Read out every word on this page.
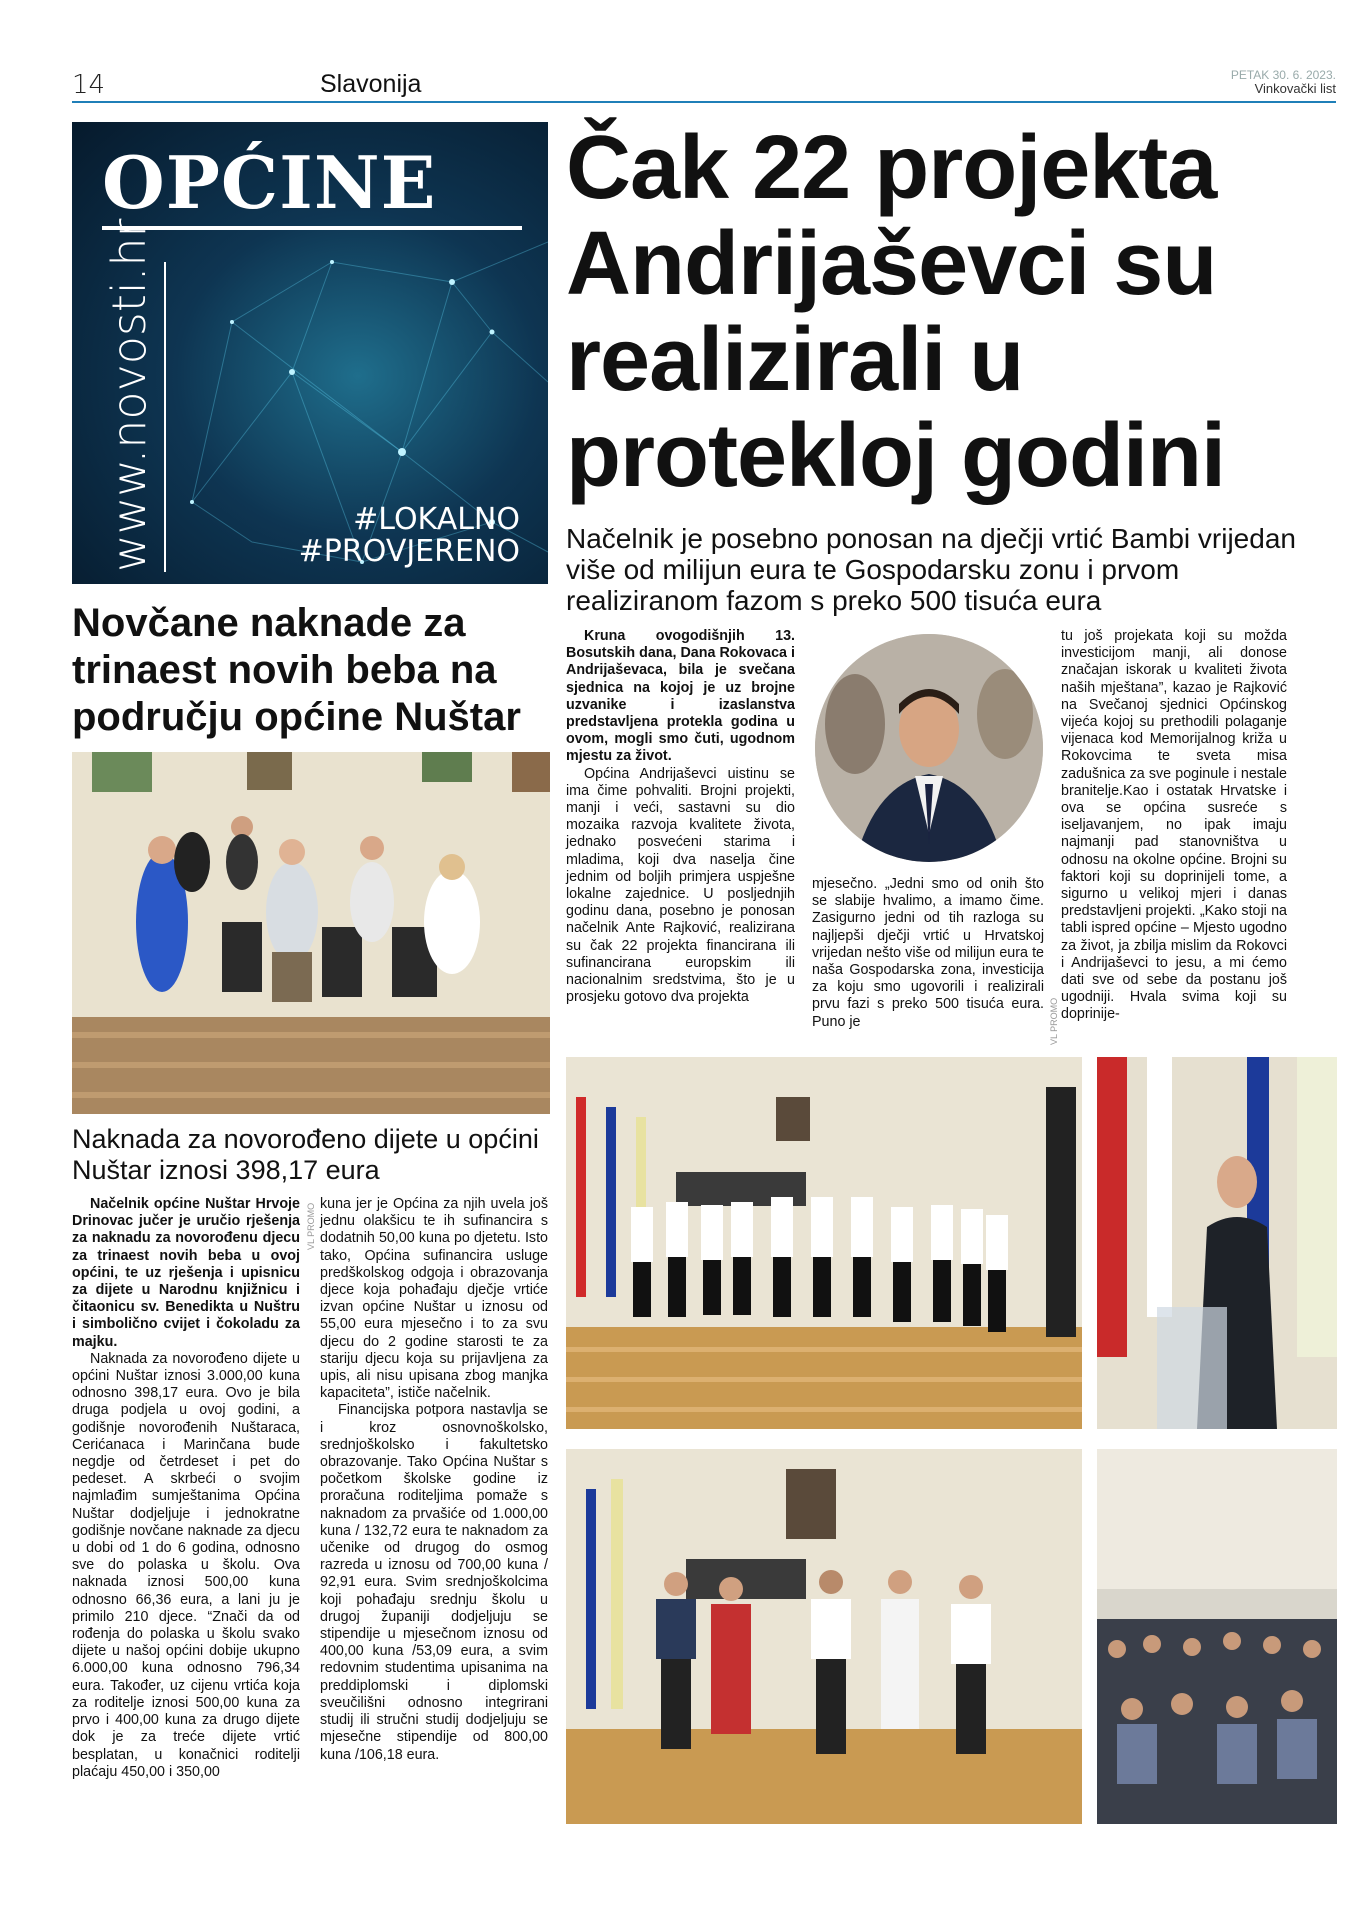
14	Slavonija	PETAK 30. 6. 2023.
Vinkovački list
OPĆINE
www.novosti.hr	#LOKALNO
#PROVJERENO
Novčane naknade za trinaest novih beba na području općine Nuštar
Naknada za novorođeno dijete u općini Nuštar iznosi 398,17 eura

Načelnik općine Nuštar Hrvoje Drinovac jučer je uručio rješenja za naknadu za novorođenu djecu za trinaest novih beba u ovoj općini, te uz rješenja i upisnicu za dijete u Narodnu knjižnicu i čitaonicu sv. Benedikta u Nuštru i simbolično cvijet i čokoladu za majku.

Naknada za novorođeno dijete u općini Nuštar iznosi 3.000,00 kuna odnosno 398,17 eura. Ovo je bila druga podjela u ovoj godini, a godišnje novorođenih Nuštaraca, Cerićanaca i Marinčana bude negdje od četrdeset i pet do pedeset. A skrbeći o svojim najmlađim sumještanima Općina Nuštar dodjeljuje i jednokratne godišnje novčane naknade za djecu u dobi od 1 do 6 godina, odnosno sve do polaska u školu. Ova naknada iznosi 500,00 kuna odnosno 66,36 eura, a lani ju je primilo 210 djece. “Znači da od rođenja do polaska u školu svako dijete u našoj općini dobije ukupno 6.000,00 kuna odnosno 796,34 eura. Također, uz cijenu vrtića koja za roditelje iznosi 500,00 kuna za prvo i 400,00 kuna za drugo dijete dok je za treće dijete vrtić besplatan, u konačnici roditelji plaćaju 450,00 i 350,00

VL PROMO kuna jer je Općina za njih uvela još jednu olakšicu te ih sufinancira s dodatnih 50,00 kuna po djetetu. Isto tako, Općina sufinancira usluge predškolskog odgoja i obrazovanja djece koja pohađaju dječje vrtiće izvan općine Nuštar u iznosu od 55,00 eura mjesečno i to za svu djecu do 2 godine starosti te za stariju djecu koja su prijavljena za upis, ali nisu upisana zbog manjka kapaciteta”, ističe načelnik.

Financijska potpora nastavlja se i kroz osnovnoškolsko, srednjoškolsko i fakultetsko obrazovanje. Tako Općina Nuštar s početkom školske godine iz proračuna roditeljima pomaže s naknadom za prvašiće od 1.000,00 kuna / 132,72 eura te naknadom za učenike od drugog do osmog razreda u iznosu od 700,00 kuna / 92,91 eura. Svim srednjoškolcima koji pohađaju srednju školu u drugoj županiji dodjeljuju se stipendije u mjesečnom iznosu od 400,00 kuna /53,09 eura, a svim redovnim studentima upisanima na preddiplomski i diplomski sveučilišni odnosno integrirani studij ili stručni studij dodjeljuju se mjesečne stipendije od 800,00 kuna /106,18 eura.

Čak 22 projekta Andrijaševci su realizirali u protekloj godini
Načelnik je posebno ponosan na dječji vrtić Bambi vrijedan više od milijun eura te Gospodarsku zonu i prvom realiziranom fazom s preko 500 tisuća eura

Kruna ovogodišnjih 13. Bosutskih dana, Dana Rokovaca i Andrijaševaca, bila je svečana sjednica na kojoj je uz brojne uzvanike i izaslanstva predstavljena protekla godina u ovom, mogli smo čuti, ugodnom mjestu za život.

Općina Andrijaševci uistinu se ima čime pohvaliti. Brojni projekti, manji i veći, sastavni su dio mozaika razvoja kvalitete života, jednako posvećeni starima i mladima, koji dva naselja čine jednim od boljih primjera uspješne lokalne zajednice. U posljednjih godinu dana, posebno je ponosan načelnik Ante Rajković, realizirana su čak 22 projekta financirana ili sufinancirana europskim ili nacionalnim sredstvima, što je u prosjeku gotovo dva projekta

mjesečno. „Jedni smo od onih što se slabije hvalimo, a imamo čime. Zasigurno jedni od tih razloga su najljepši dječji vrtić u Hrvatskoj vrijedan nešto više od milijun eura te naša Gospodarska zona, investicija za koju smo ugovorili i realizirali prvu fazi s preko 500 tisuća eura. Puno je	VL PROMO

tu još projekata koji su možda investicijom manji, ali donose značajan iskorak u kvaliteti života naših mještana”, kazao je Rajković na Svečanoj sjednici Općinskog vijeća kojoj su prethodili polaganje vijenaca kod Memorijalnog križa u Rokovcima te sveta misa zadušnica za sve poginule i nestale branitelje.Kao i ostatak Hrvatske i ova se općina susreće s iseljavanjem, no ipak imaju najmanji pad stanovništva u odnosu na okolne općine. Brojni su faktori koji su doprinijeli tome, a sigurno u velikoj mjeri i danas predstavljeni projekti. „Kako stoji na tabli ispred općine – Mjesto ugodno za život, ja zbilja mislim da Rokovci i Andrijaševci to jesu, a mi ćemo dati sve od sebe da postanu još ugodniji. Hvala svima koji su doprinije-
